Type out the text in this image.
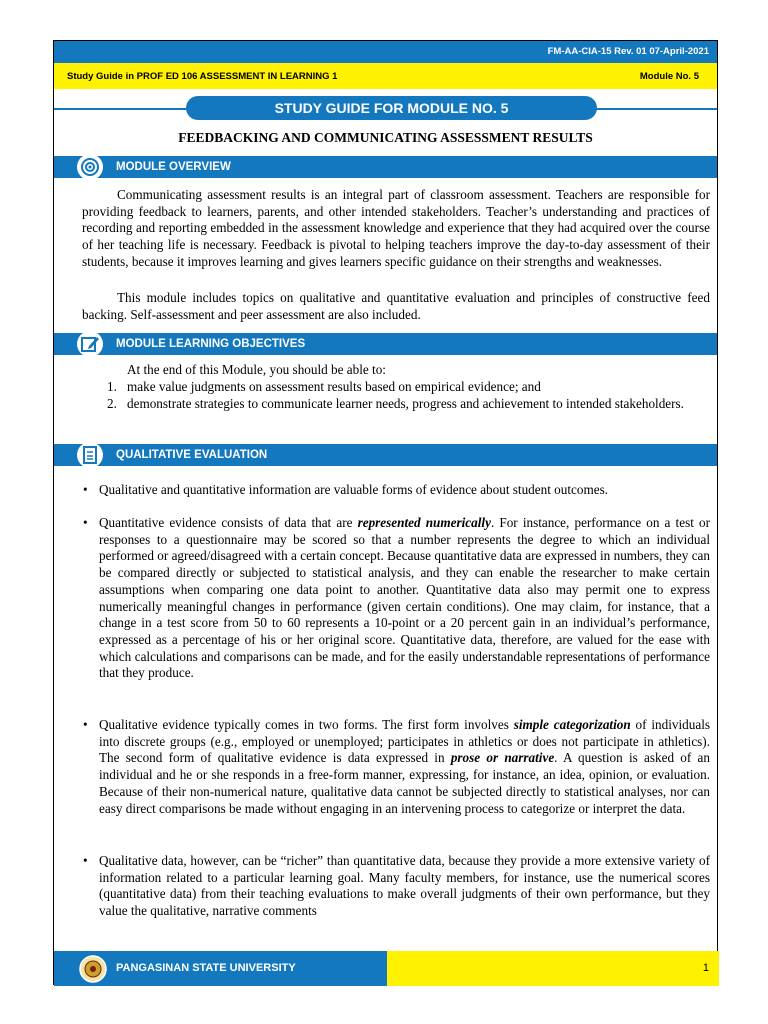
FM-AA-CIA-15 Rev. 01 07-April-2021
Study Guide in PROF ED 106 ASSESSMENT IN LEARNING 1	Module No. 5
STUDY GUIDE FOR MODULE NO. 5
FEEDBACKING AND COMMUNICATING ASSESSMENT RESULTS
MODULE OVERVIEW
Communicating assessment results is an integral part of classroom assessment. Teachers are responsible for providing feedback to learners, parents, and other intended stakeholders. Teacher’s understanding and practices of recording and reporting embedded in the assessment knowledge and experience that they had acquired over the course of her teaching life is necessary. Feedback is pivotal to helping teachers improve the day-to-day assessment of their students, because it improves learning and gives learners specific guidance on their strengths and weaknesses.
This module includes topics on qualitative and quantitative evaluation and principles of constructive feed backing. Self-assessment and peer assessment are also included.
MODULE LEARNING OBJECTIVES
At the end of this Module, you should be able to:
1. make value judgments on assessment results based on empirical evidence; and
2. demonstrate strategies to communicate learner needs, progress and achievement to intended stakeholders.
QUALITATIVE EVALUATION
• Qualitative and quantitative information are valuable forms of evidence about student outcomes.
• Quantitative evidence consists of data that are represented numerically. For instance, performance on a test or responses to a questionnaire may be scored so that a number represents the degree to which an individual performed or agreed/disagreed with a certain concept. Because quantitative data are expressed in numbers, they can be compared directly or subjected to statistical analysis, and they can enable the researcher to make certain assumptions when comparing one data point to another. Quantitative data also may permit one to express numerically meaningful changes in performance (given certain conditions). One may claim, for instance, that a change in a test score from 50 to 60 represents a 10-point or a 20 percent gain in an individual’s performance, expressed as a percentage of his or her original score. Quantitative data, therefore, are valued for the ease with which calculations and comparisons can be made, and for the easily understandable representations of performance that they produce.
• Qualitative evidence typically comes in two forms. The first form involves simple categorization of individuals into discrete groups (e.g., employed or unemployed; participates in athletics or does not participate in athletics). The second form of qualitative evidence is data expressed in prose or narrative. A question is asked of an individual and he or she responds in a free-form manner, expressing, for instance, an idea, opinion, or evaluation. Because of their non-numerical nature, qualitative data cannot be subjected directly to statistical analyses, nor can easy direct comparisons be made without engaging in an intervening process to categorize or interpret the data.
• Qualitative data, however, can be “richer” than quantitative data, because they provide a more extensive variety of information related to a particular learning goal. Many faculty members, for instance, use the numerical scores (quantitative data) from their teaching evaluations to make overall judgments of their own performance, but they value the qualitative, narrative comments
PANGASINAN STATE UNIVERSITY	1
